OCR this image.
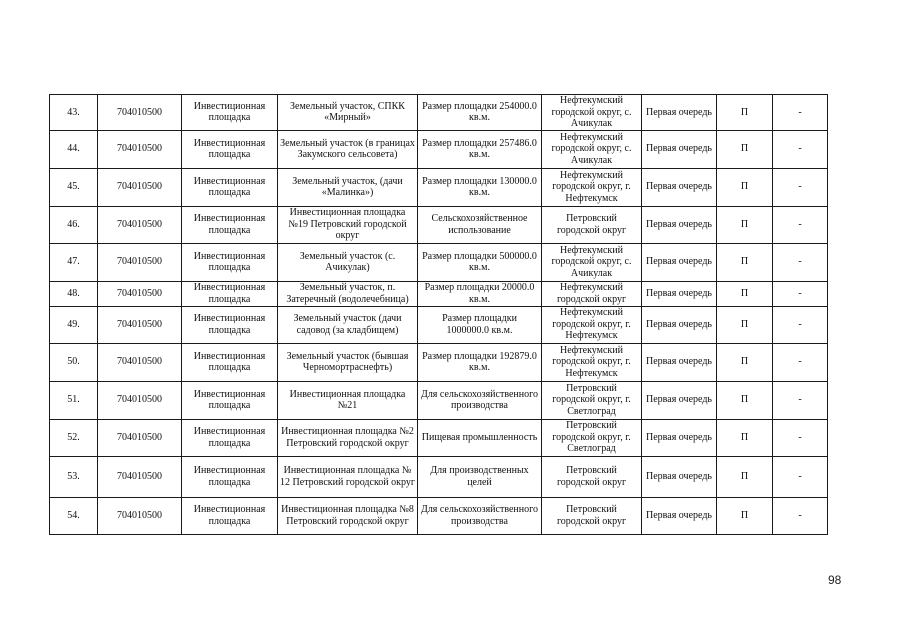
43.	704010500	Инвестиционная площадка	Земельный участок, СПКК «Мирный»	Размер площадки 254000.0 кв.м.	Нефтекумский городской округ, с. Ачикулак	Первая очередь	П	-
44.	704010500	Инвестиционная площадка	Земельный участок (в границах Закумского сельсовета)	Размер площадки 257486.0 кв.м.	Нефтекумский городской округ, с. Ачикулак	Первая очередь	П	-
45.	704010500	Инвестиционная площадка	Земельный участок, (дачи «Малинка»)	Размер площадки 130000.0 кв.м.	Нефтекумский городской округ, г. Нефтекумск	Первая очередь	П	-
46.	704010500	Инвестиционная площадка	Инвестиционная площадка №19 Петровский городской округ	Сельскохозяйственное использование	Петровский городской округ	Первая очередь	П	-
47.	704010500	Инвестиционная площадка	Земельный участок (с. Ачикулак)	Размер площадки 500000.0 кв.м.	Нефтекумский городской округ, с. Ачикулак	Первая очередь	П	-
48.	704010500	Инвестиционная площадка	Земельный участок, п. Затеречный (водолечебница)	Размер площадки 20000.0 кв.м.	Нефтекумский городской округ	Первая очередь	П	-
49.	704010500	Инвестиционная площадка	Земельный участок (дачи садовод (за кладбищем)	Размер площадки 1000000.0 кв.м.	Нефтекумский городской округ, г. Нефтекумск	Первая очередь	П	-
50.	704010500	Инвестиционная площадка	Земельный участок (бывшая Черномортраснефть)	Размер площадки 192879.0 кв.м.	Нефтекумский городской округ, г. Нефтекумск	Первая очередь	П	-
51.	704010500	Инвестиционная площадка	Инвестиционная площадка №21	Для сельскохозяйственного производства	Петровский городской округ, г. Светлоград	Первая очередь	П	-
52.	704010500	Инвестиционная площадка	Инвестиционная площадка №2 Петровский городской округ	Пищевая промышленность	Петровский городской округ, г. Светлоград	Первая очередь	П	-
53.	704010500	Инвестиционная площадка	Инвестиционная площадка № 12 Петровский городской округ	Для производственных целей	Петровский городской округ	Первая очередь	П	-
54.	704010500	Инвестиционная площадка	Инвестиционная площадка №8 Петровский городской округ	Для сельскохозяйственного производства	Петровский городской округ	Первая очередь	П	-
98
